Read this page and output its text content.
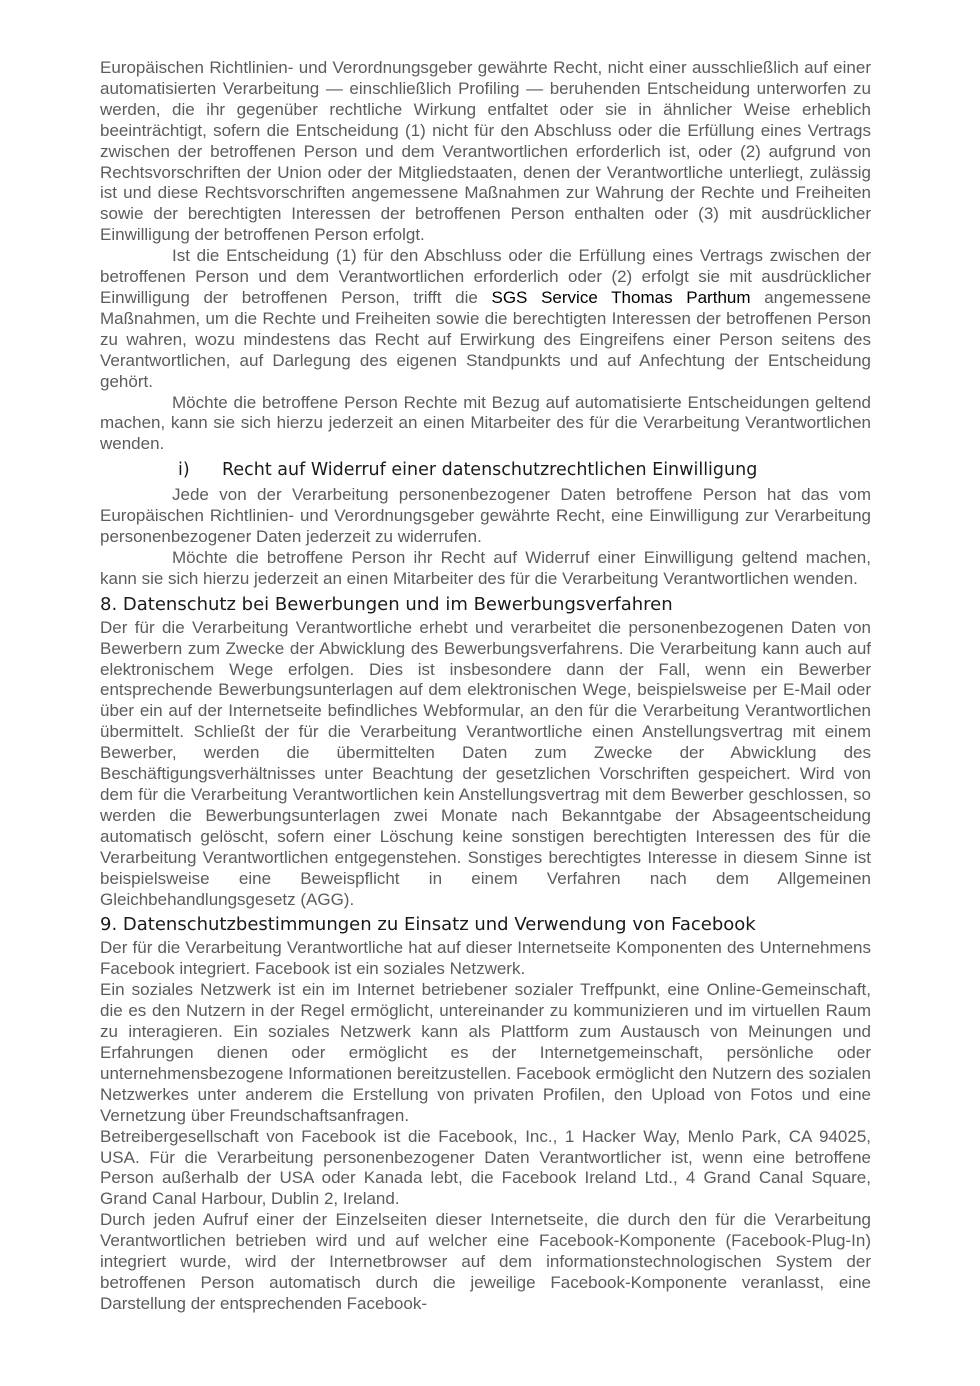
Europäischen Richtlinien- und Verordnungsgeber gewährte Recht, nicht einer ausschließlich auf einer automatisierten Verarbeitung — einschließlich Profiling — beruhenden Entscheidung unterworfen zu werden, die ihr gegenüber rechtliche Wirkung entfaltet oder sie in ähnlicher Weise erheblich beeinträchtigt, sofern die Entscheidung (1) nicht für den Abschluss oder die Erfüllung eines Vertrags zwischen der betroffenen Person und dem Verantwortlichen erforderlich ist, oder (2) aufgrund von Rechtsvorschriften der Union oder der Mitgliedstaaten, denen der Verantwortliche unterliegt, zulässig ist und diese Rechtsvorschriften angemessene Maßnahmen zur Wahrung der Rechte und Freiheiten sowie der berechtigten Interessen der betroffenen Person enthalten oder (3) mit ausdrücklicher Einwilligung der betroffenen Person erfolgt.

Ist die Entscheidung (1) für den Abschluss oder die Erfüllung eines Vertrags zwischen der betroffenen Person und dem Verantwortlichen erforderlich oder (2) erfolgt sie mit ausdrücklicher Einwilligung der betroffenen Person, trifft die SGS Service Thomas Parthum angemessene Maßnahmen, um die Rechte und Freiheiten sowie die berechtigten Interessen der betroffenen Person zu wahren, wozu mindestens das Recht auf Erwirkung des Eingreifens einer Person seitens des Verantwortlichen, auf Darlegung des eigenen Standpunkts und auf Anfechtung der Entscheidung gehört.

Möchte die betroffene Person Rechte mit Bezug auf automatisierte Entscheidungen geltend machen, kann sie sich hierzu jederzeit an einen Mitarbeiter des für die Verarbeitung Verantwortlichen wenden.

i) Recht auf Widerruf einer datenschutzrechtlichen Einwilligung

Jede von der Verarbeitung personenbezogener Daten betroffene Person hat das vom Europäischen Richtlinien- und Verordnungsgeber gewährte Recht, eine Einwilligung zur Verarbeitung personenbezogener Daten jederzeit zu widerrufen.

Möchte die betroffene Person ihr Recht auf Widerruf einer Einwilligung geltend machen, kann sie sich hierzu jederzeit an einen Mitarbeiter des für die Verarbeitung Verantwortlichen wenden.

8. Datenschutz bei Bewerbungen und im Bewerbungsverfahren

Der für die Verarbeitung Verantwortliche erhebt und verarbeitet die personenbezogenen Daten von Bewerbern zum Zwecke der Abwicklung des Bewerbungsverfahrens. Die Verarbeitung kann auch auf elektronischem Wege erfolgen. Dies ist insbesondere dann der Fall, wenn ein Bewerber entsprechende Bewerbungsunterlagen auf dem elektronischen Wege, beispielsweise per E-Mail oder über ein auf der Internetseite befindliches Webformular, an den für die Verarbeitung Verantwortlichen übermittelt. Schließt der für die Verarbeitung Verantwortliche einen Anstellungsvertrag mit einem Bewerber, werden die übermittelten Daten zum Zwecke der Abwicklung des Beschäftigungsverhältnisses unter Beachtung der gesetzlichen Vorschriften gespeichert. Wird von dem für die Verarbeitung Verantwortlichen kein Anstellungsvertrag mit dem Bewerber geschlossen, so werden die Bewerbungsunterlagen zwei Monate nach Bekanntgabe der Absageentscheidung automatisch gelöscht, sofern einer Löschung keine sonstigen berechtigten Interessen des für die Verarbeitung Verantwortlichen entgegenstehen. Sonstiges berechtigtes Interesse in diesem Sinne ist beispielsweise eine Beweispflicht in einem Verfahren nach dem Allgemeinen Gleichbehandlungsgesetz (AGG).

9. Datenschutzbestimmungen zu Einsatz und Verwendung von Facebook

Der für die Verarbeitung Verantwortliche hat auf dieser Internetseite Komponenten des Unternehmens Facebook integriert. Facebook ist ein soziales Netzwerk.

Ein soziales Netzwerk ist ein im Internet betriebener sozialer Treffpunkt, eine Online-Gemeinschaft, die es den Nutzern in der Regel ermöglicht, untereinander zu kommunizieren und im virtuellen Raum zu interagieren. Ein soziales Netzwerk kann als Plattform zum Austausch von Meinungen und Erfahrungen dienen oder ermöglicht es der Internetgemeinschaft, persönliche oder unternehmensbezogene Informationen bereitzustellen. Facebook ermöglicht den Nutzern des sozialen Netzwerkes unter anderem die Erstellung von privaten Profilen, den Upload von Fotos und eine Vernetzung über Freundschaftsanfragen.

Betreibergesellschaft von Facebook ist die Facebook, Inc., 1 Hacker Way, Menlo Park, CA 94025, USA. Für die Verarbeitung personenbezogener Daten Verantwortlicher ist, wenn eine betroffene Person außerhalb der USA oder Kanada lebt, die Facebook Ireland Ltd., 4 Grand Canal Square, Grand Canal Harbour, Dublin 2, Ireland.

Durch jeden Aufruf einer der Einzelseiten dieser Internetseite, die durch den für die Verarbeitung Verantwortlichen betrieben wird und auf welcher eine Facebook-Komponente (Facebook-Plug-In) integriert wurde, wird der Internetbrowser auf dem informationstechnologischen System der betroffenen Person automatisch durch die jeweilige Facebook-Komponente veranlasst, eine Darstellung der entsprechenden Facebook-
